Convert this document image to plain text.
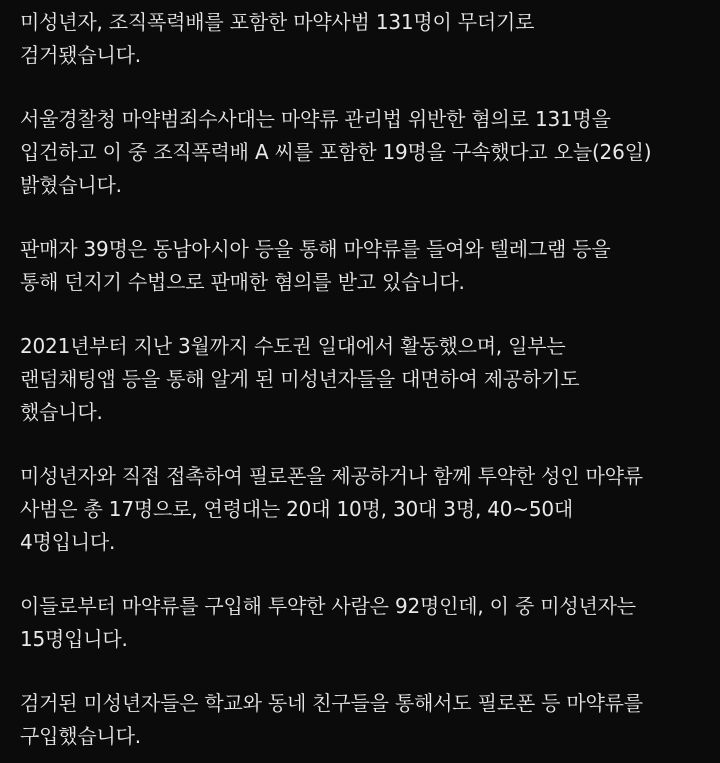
미성년자, 조직폭력배를 포함한 마약사범 131명이 무더기로
검거됐습니다.

서울경찰청 마약범죄수사대는 마약류 관리법 위반한 혐의로 131명을
입건하고 이 중 조직폭력배 A 씨를 포함한 19명을 구속했다고 오늘(26일)
밝혔습니다.

판매자 39명은 동남아시아 등을 통해 마약류를 들여와 텔레그램 등을
통해 던지기 수법으로 판매한 혐의를 받고 있습니다.

2021년부터 지난 3월까지 수도권 일대에서 활동했으며, 일부는
랜덤채팅앱 등을 통해 알게 된 미성년자들을 대면하여 제공하기도
했습니다.

미성년자와 직접 접촉하여 필로폰을 제공하거나 함께 투약한 성인 마약류
사범은 총 17명으로, 연령대는 20대 10명, 30대 3명, 40~50대
4명입니다.

이들로부터 마약류를 구입해 투약한 사람은 92명인데, 이 중 미성년자는
15명입니다.

검거된 미성년자들은 학교와 동네 친구들을 통해서도 필로폰 등 마약류를
구입했습니다.
